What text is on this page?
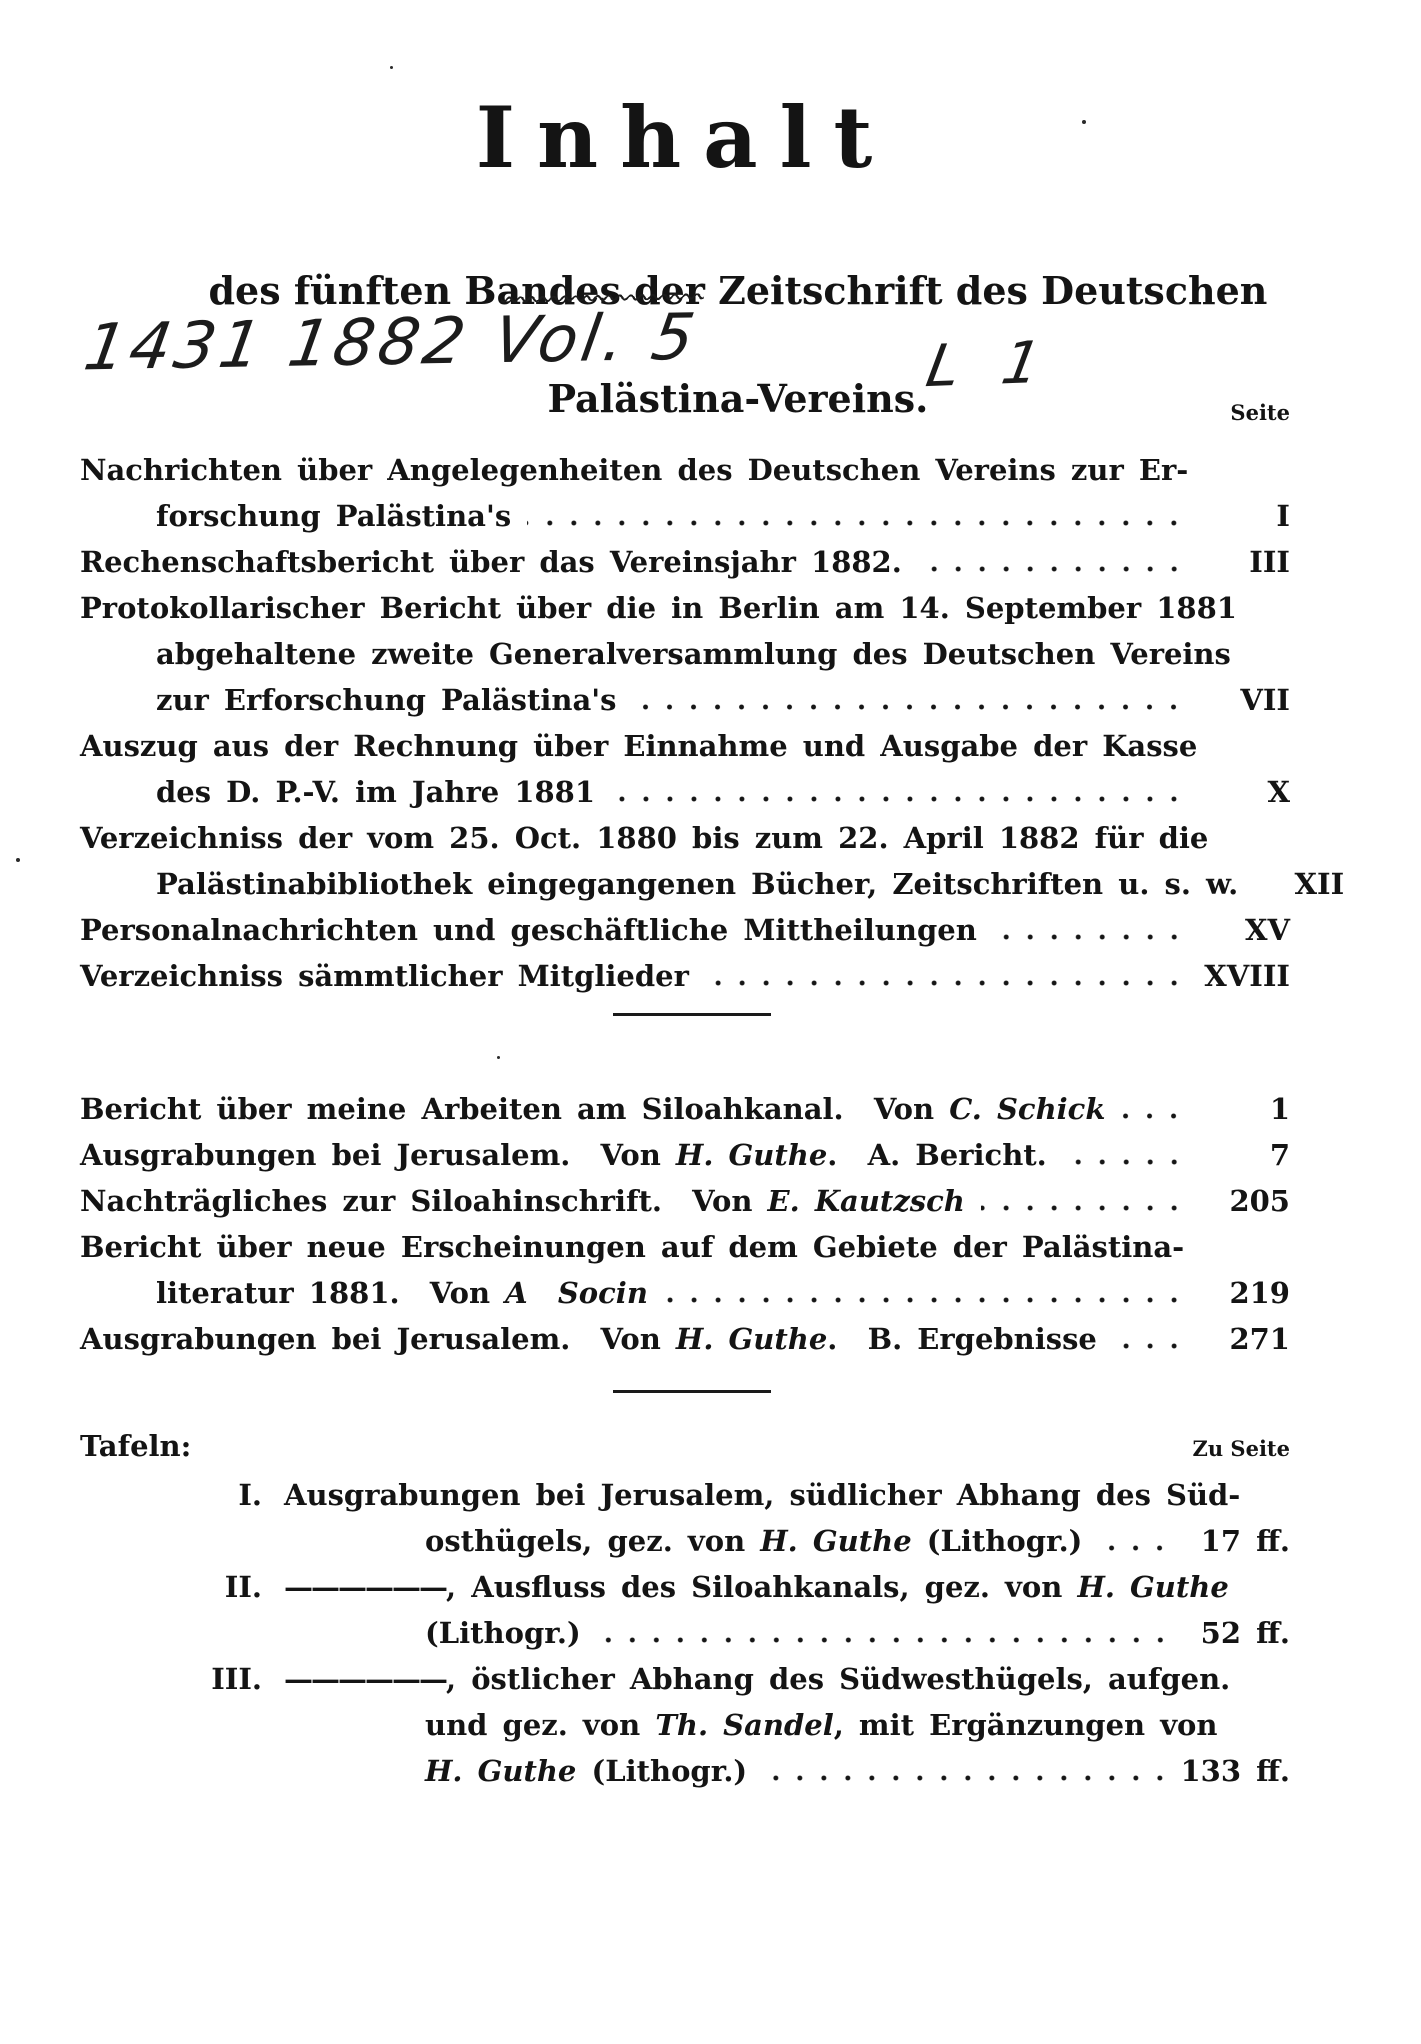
Inhalt

des fünften Bandes der Zeitschrift des Deutschen

Palästina-Vereins.

1431 1882 Vol. 5	L 1
Seite
Nachrichten über Angelegenheiten des Deutschen Vereins zur Er-
forschung Palästina's	I
Rechenschaftsbericht über das Vereinsjahr 1882.	III
Protokollarischer Bericht über die in Berlin am 14. September 1881
abgehaltene zweite Generalversammlung des Deutschen Vereins
zur Erforschung Palästina's	VII
Auszug aus der Rechnung über Einnahme und Ausgabe der Kasse
des D. P.-V. im Jahre 1881	X
Verzeichniss der vom 25. Oct. 1880 bis zum 22. April 1882 für die
Palästinabibliothek eingegangenen Bücher, Zeitschriften u. s. w.	XII
Personalnachrichten und geschäftliche Mittheilungen	XV
Verzeichniss sämmtlicher Mitglieder	XVIII
Bericht über meine Arbeiten am Siloahkanal.  Von C. Schick	1
Ausgrabungen bei Jerusalem.  Von H. Guthe.  A. Bericht.	7
Nachträgliches zur Siloahinschrift.  Von E. Kautzsch	205
Bericht über neue Erscheinungen auf dem Gebiete der Palästina-
literatur 1881.  Von A  Socin	219
Ausgrabungen bei Jerusalem.  Von H. Guthe.  B. Ergebnisse	271
Tafeln:	Zu Seite
I. Ausgrabungen bei Jerusalem, südlicher Abhang des Süd-
osthügels, gez. von H. Guthe (Lithogr.)	17 ff.
II. ——————, Ausfluss des Siloahkanals, gez. von H. Guthe
(Lithogr.)	52 ff.
III. ——————, östlicher Abhang des Südwesthügels, aufgen.
und gez. von Th. Sandel, mit Ergänzungen von
H. Guthe (Lithogr.)	133 ff.
